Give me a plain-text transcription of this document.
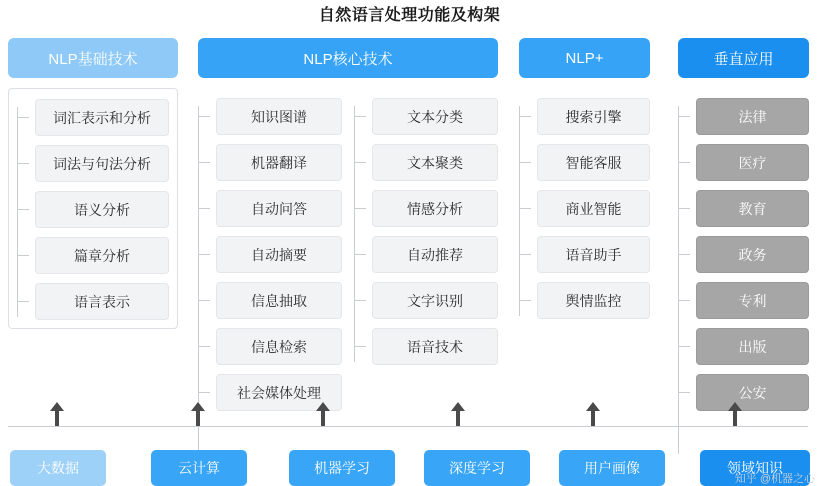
自然语言处理功能及构架
NLP基础技术
词汇表示和分析
词法与句法分析
语义分析
篇章分析
语言表示
NLP核心技术
知识图谱
机器翻译
自动问答
自动摘要
信息抽取
信息检索
社会媒体处理
文本分类
文本聚类
情感分析
自动推荐
文字识别
语音技术
NLP+
搜索引擎
智能客服
商业智能
语音助手
舆情监控
垂直应用
法律
医疗
教育
政务
专利
出版
公安
大数据	云计算	机器学习	深度学习	用户画像	领域知识
知乎 @机器之心
